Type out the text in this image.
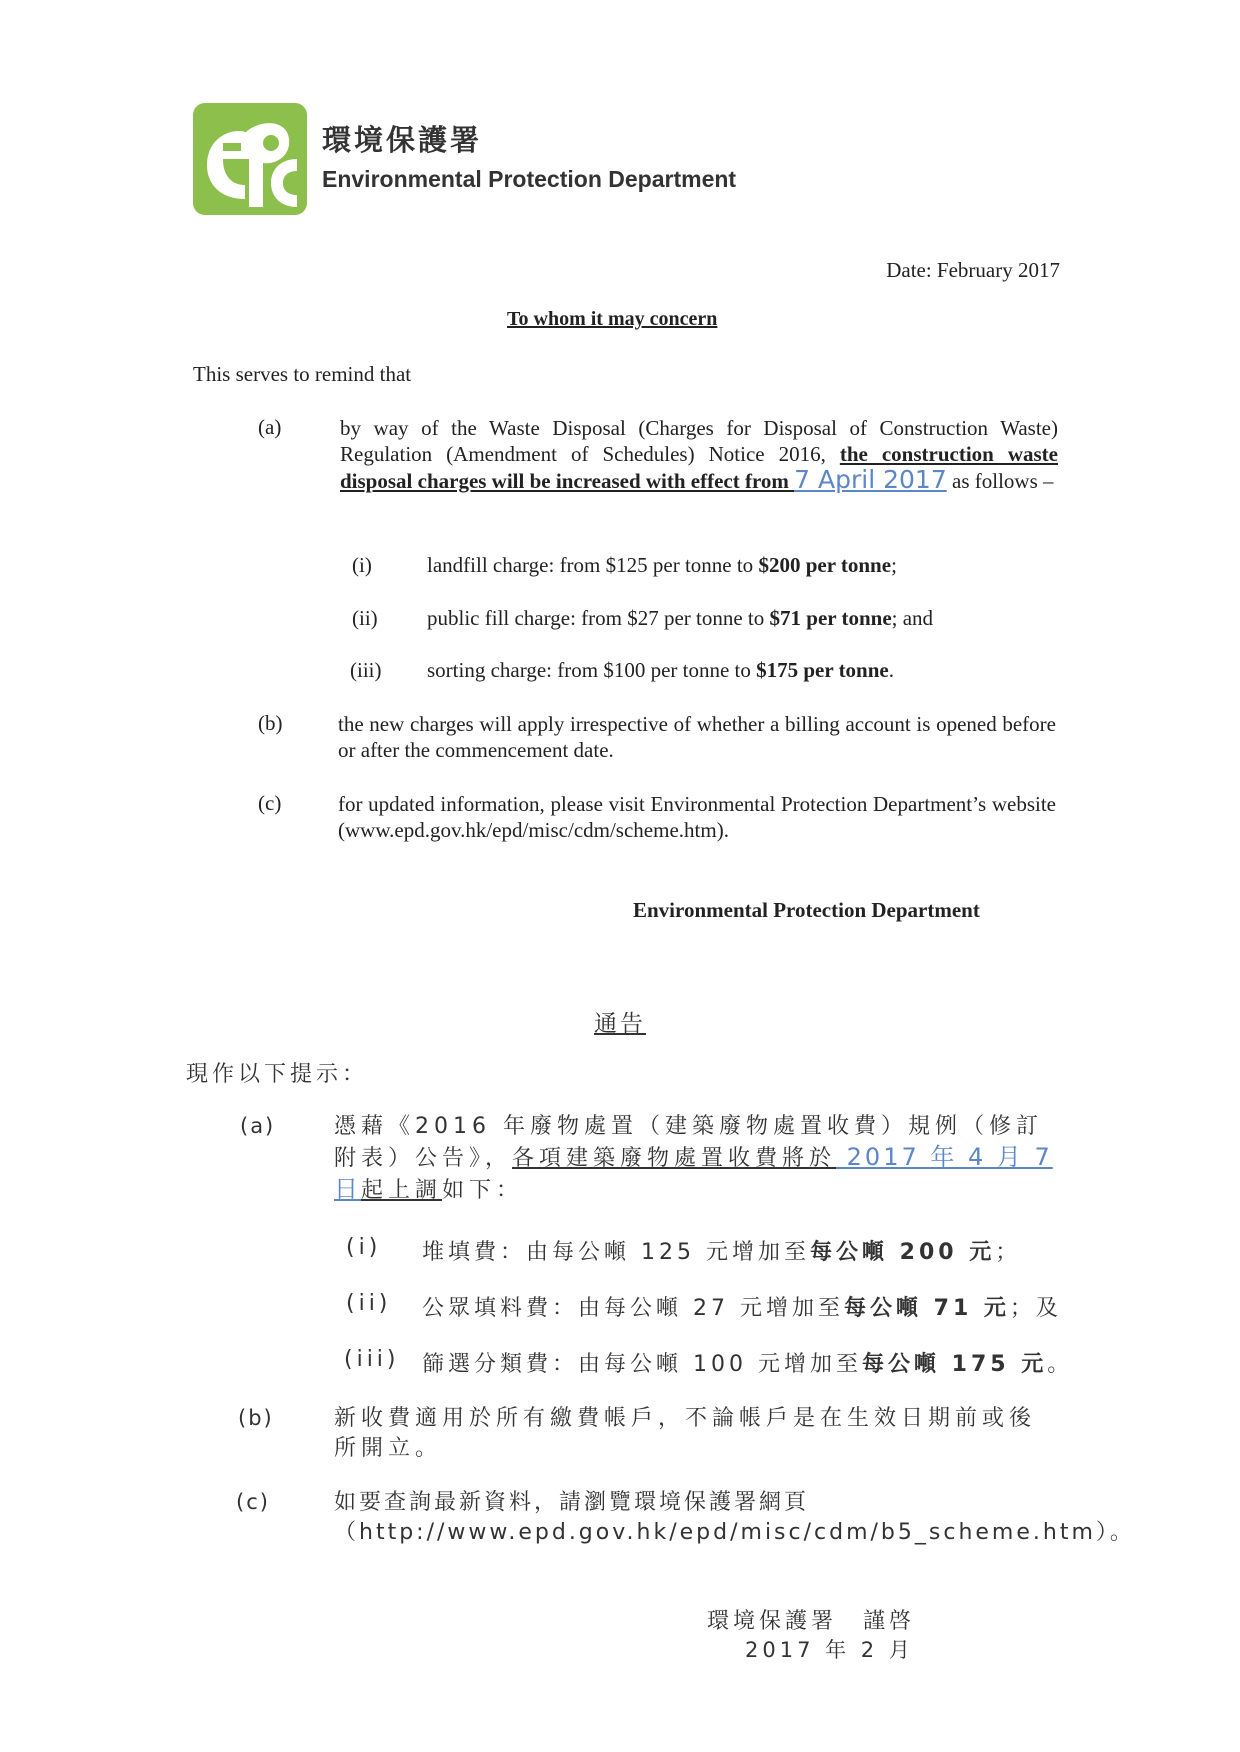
環境保護署
Environmental Protection Department
Date: February 2017
To whom it may concern
This serves to remind that
(a)	by way of the Waste Disposal (Charges for Disposal of Construction Waste) Regulation (Amendment of Schedules) Notice 2016, the construction waste disposal charges will be increased with effect from 7 April 2017 as follows –
(i)	landfill charge: from $125 per tonne to $200 per tonne;
(ii) public fill charge: from $27 per tonne to $71 per tonne; and
(iii) sorting charge: from $100 per tonne to $175 per tonne.
(b)	the new charges will apply irrespective of whether a billing account is opened before or after the commencement date.
(c)	for updated information, please visit Environmental Protection Department’s website (www.epd.gov.hk/epd/misc/cdm/scheme.htm).
Environmental Protection Department
通告
現作以下提示：
(a)	憑藉《2016 年廢物處置（建築廢物處置收費）規例（修訂附表）公告》，各項建築廢物處置收費將於 2017 年 4 月 7 日起上調如下：
(i) 堆填費：由每公噸 125 元增加至每公噸 200 元；
(ii) 公眾填料費：由每公噸 27 元增加至每公噸 71 元；及
(iii) 篩選分類費：由每公噸 100 元增加至每公噸 175 元。
(b)	新收費適用於所有繳費帳戶，不論帳戶是在生效日期前或後所開立。
(c)	如要查詢最新資料，請瀏覽環境保護署網頁（http://www.epd.gov.hk/epd/misc/cdm/b5_scheme.htm）。
環境保護署　謹啓
2017 年 2 月
